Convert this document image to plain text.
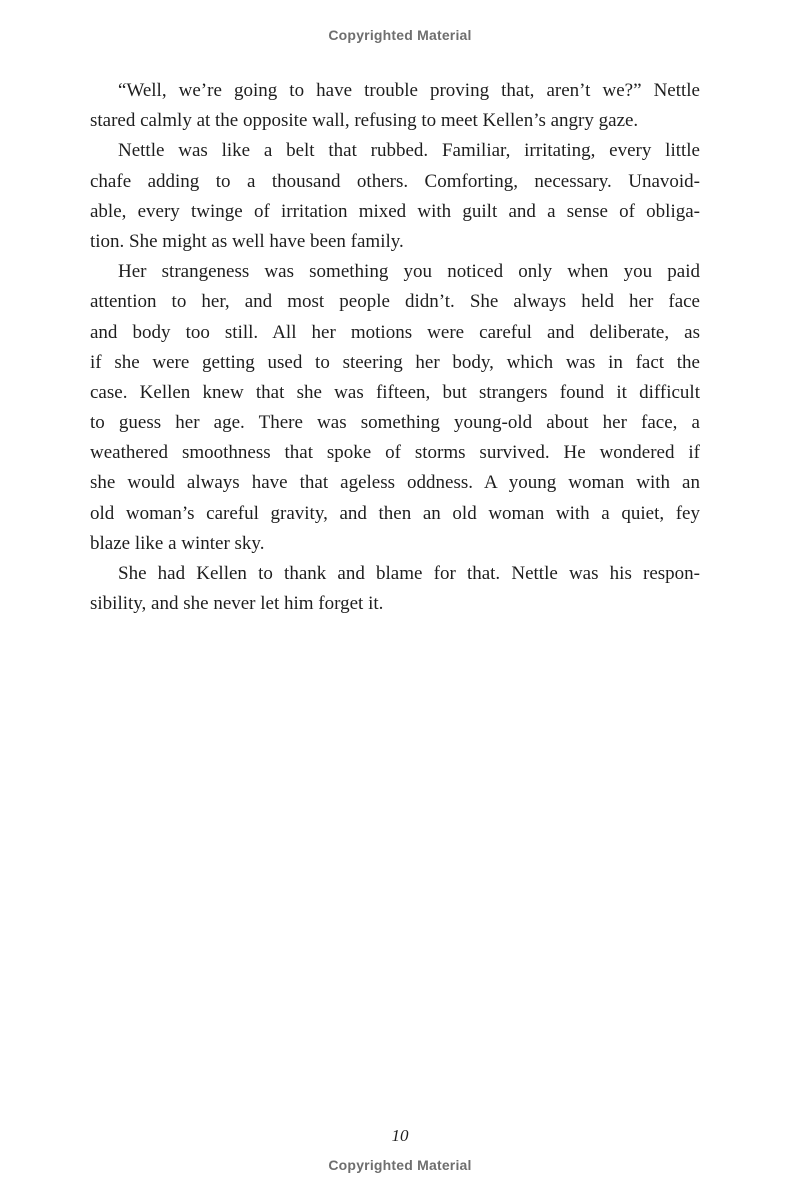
Copyrighted Material
“Well, we’re going to have trouble proving that, aren’t we?” Nettle
stared calmly at the opposite wall, refusing to meet Kellen’s angry gaze.
Nettle was like a belt that rubbed. Familiar, irritating, every little
chafe adding to a thousand others. Comforting, necessary. Unavoid-
able, every twinge of irritation mixed with guilt and a sense of obliga-
tion. She might as well have been family.
Her strangeness was something you noticed only when you paid
attention to her, and most people didn’t. She always held her face
and body too still. All her motions were careful and deliberate, as
if she were getting used to steering her body, which was in fact the
case. Kellen knew that she was fifteen, but strangers found it difficult
to guess her age. There was something young-old about her face, a
weathered smoothness that spoke of storms survived. He wondered if
she would always have that ageless oddness. A young woman with an
old woman’s careful gravity, and then an old woman with a quiet, fey
blaze like a winter sky.
She had Kellen to thank and blame for that. Nettle was his respon-
sibility, and she never let him forget it.
10
Copyrighted Material
